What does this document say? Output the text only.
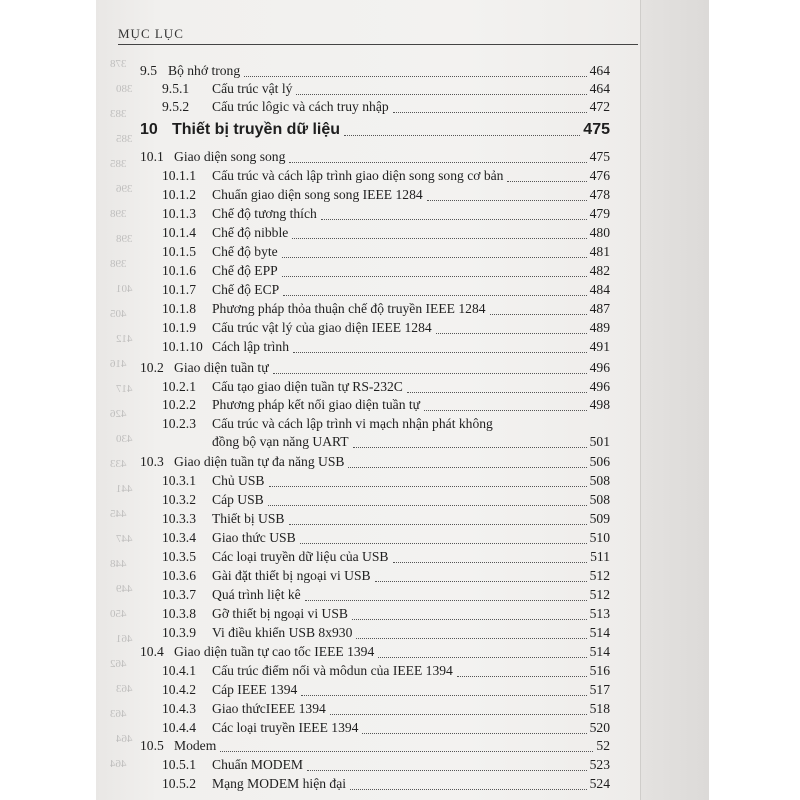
MỤC LỤC
378
380
383
385
385
396
398
398
398
401
405
412
416
417
426
430
433
441
445
447
448
449
450
461
462
463
463
464
464
9.5 Bộ nhớ trong	464
9.5.1 Cấu trúc vật lý	464
9.5.2 Cấu trúc lôgic và cách truy nhập	472
10 Thiết bị truyền dữ liệu	475
10.1 Giao diện song song	475
10.1.1 Cấu trúc và cách lập trình giao diện song song cơ bản	476
10.1.2 Chuẩn giao diện song song IEEE 1284	478
10.1.3 Chế độ tương thích	479
10.1.4 Chế độ nibble	480
10.1.5 Chế độ byte	481
10.1.6 Chế độ EPP	482
10.1.7 Chế độ ECP	484
10.1.8 Phương pháp thỏa thuận chế độ truyền IEEE 1284	487
10.1.9 Cấu trúc vật lý của giao diện IEEE 1284	489
10.1.10 Cách lập trình	491
10.2 Giao diện tuần tự	496
10.2.1 Cấu tạo giao diện tuần tự RS-232C	496
10.2.2 Phương pháp kết nối giao diện tuần tự	498
10.2.3 Cấu trúc và cách lập trình vi mạch nhận phát không
đồng bộ vạn năng UART	501
10.3 Giao diện tuần tự đa năng USB	506
10.3.1 Chủ USB	508
10.3.2 Cáp USB	508
10.3.3 Thiết bị USB	509
10.3.4 Giao thức USB	510
10.3.5 Các loại truyền dữ liệu của USB	511
10.3.6 Gài đặt thiết bị ngoại vi USB	512
10.3.7 Quá trình liệt kê	512
10.3.8 Gỡ thiết bị ngoại vi USB	513
10.3.9 Vi điều khiển USB 8x930	514
10.4 Giao diện tuần tự cao tốc IEEE 1394	514
10.4.1 Cấu trúc điểm nối và môdun của IEEE 1394	516
10.4.2 Cáp IEEE 1394	517
10.4.3 Giao thứcIEEE 1394	518
10.4.4 Các loại truyền IEEE 1394	520
10.5 Modem	52
10.5.1 Chuẩn MODEM	523
10.5.2 Mạng MODEM hiện đại	524
